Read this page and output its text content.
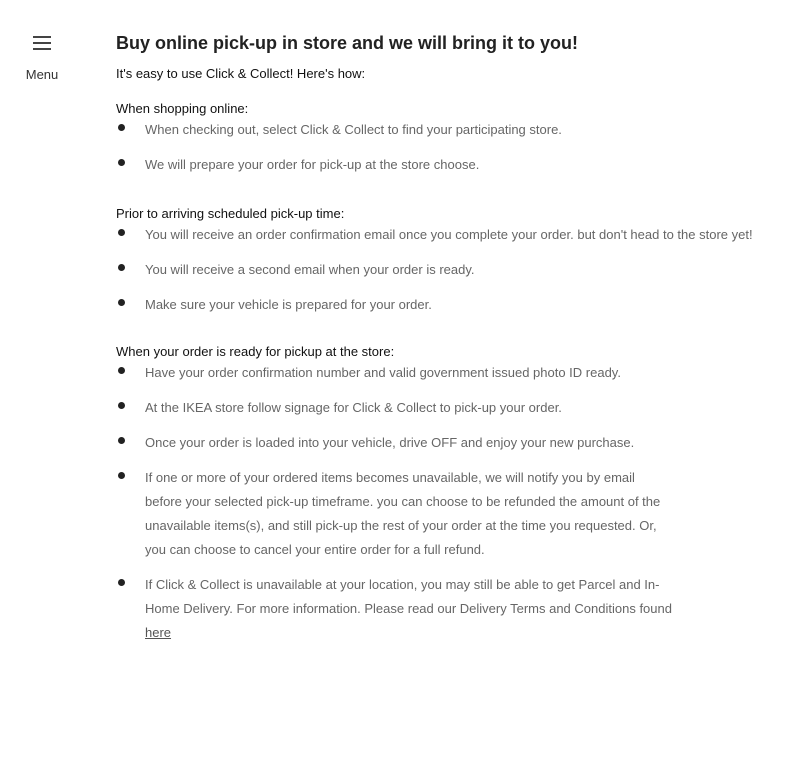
Menu
Buy online pick-up in store and we will bring it to you!

It's easy to use Click & Collect! Here's how:

When shopping online:

When checking out, select Click & Collect to find your participating store.
We will prepare your order for pick-up at the store choose.

Prior to arriving scheduled pick-up time:

You will receive an order confirmation email once you complete your order. but don't head to the store yet!
You will receive a second email when your order is ready.
Make sure your vehicle is prepared for your order.

When your order is ready for pickup at the store:

Have your order confirmation number and valid government issued photo ID ready.
At the IKEA store follow signage for Click & Collect to pick-up your order.
Once your order is loaded into your vehicle, drive OFF and enjoy your new purchase.
If one or more of your ordered items becomes unavailable, we will notify you by email before your selected pick-up timeframe. you can choose to be refunded the amount of the unavailable items(s), and still pick-up the rest of your order at the time you requested. Or, you can choose to cancel your entire order for a full refund.
If Click & Collect is unavailable at your location, you may still be able to get Parcel and In-Home Delivery. For more information. Please read our Delivery Terms and Conditions found here
